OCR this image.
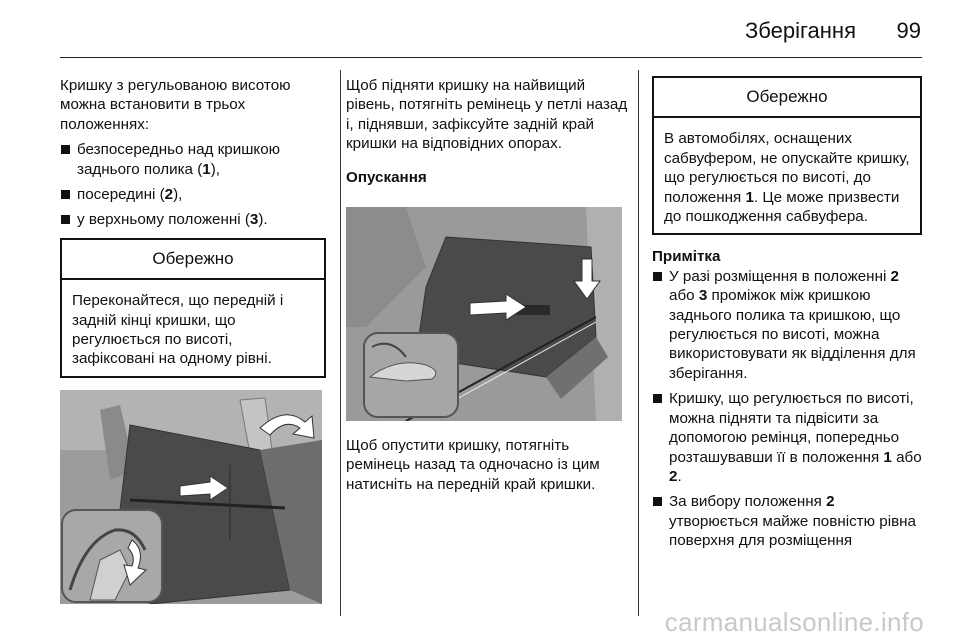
Зберігання 99

Кришку з регульованою висотою можна встановити в трьох положеннях:

безпосередньо над кришкою заднього полика (1),
посередині (2),
у верхньому положенні (3).
Обережно
Переконайтеся, що передній і задній кінці кришки, що регулюється по висоті, зафіксовані на одному рівні.

Щоб підняти кришку на найвищий рівень, потягніть ремінець у петлі назад і, піднявши, зафіксуйте задній край кришки на відповідних опорах.

Опускання

Щоб опустити кришку, потягніть ремінець назад та одночасно із цим натисніть на передній край кришки.

Обережно
В автомобілях, оснащених сабвуфером, не опускайте кришку, що регулюється по висоті, до положення 1. Це може призвести до пошкодження сабвуфера.

Примітка

У разі розміщення в положенні 2 або 3 проміжок між кришкою заднього полика та кришкою, що регулюється по висоті, можна використовувати як відділення для зберігання.
Кришку, що регулюється по висоті, можна підняти та підвісити за допомогою ремінця, попередньо розташувавши її в положення 1 або 2.
За вибору положення 2 утворюється майже повністю рівна поверхня для розміщення
carmanualsonline.info
